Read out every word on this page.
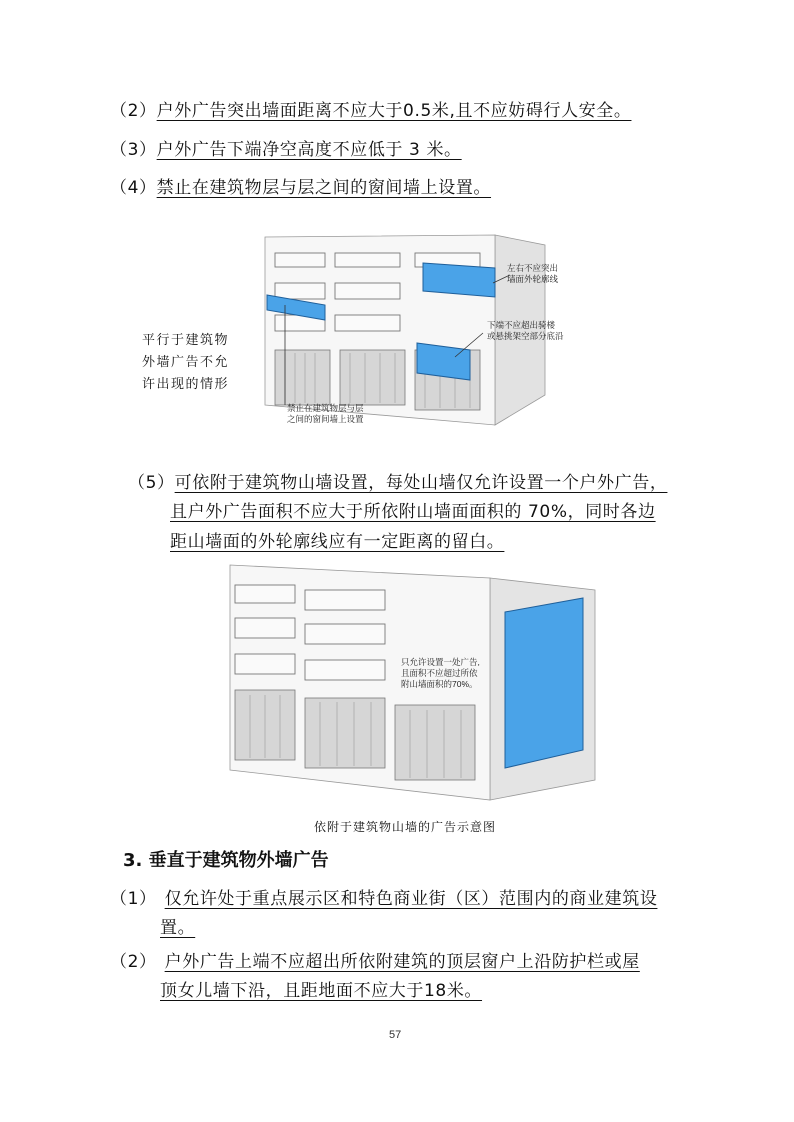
（2）户外广告突出墙面距离不应大于0.5米,且不应妨碍行人安全。
（3）户外广告下端净空高度不应低于 3 米。
（4）禁止在建筑物层与层之间的窗间墙上设置。
平行于建筑物
外墙广告不允
许出现的情形
左右不应突出
墙面外轮廓线
下端不应超出骑楼
或悬挑架空部分底沿
禁止在建筑物层与层
之间的窗间墙上设置
（5）可依附于建筑物山墙设置，每处山墙仅允许设置一个户外广告，
且户外广告面积不应大于所依附山墙面面积的 70%，同时各边
距山墙面的外轮廓线应有一定距离的留白。
只允许设置一处广告,
且面积不应超过所依
附山墙面积的70%。
依附于建筑物山墙的广告示意图
3. 垂直于建筑物外墙广告
（1） 仅允许处于重点展示区和特色商业街（区）范围内的商业建筑设
置。
（2） 户外广告上端不应超出所依附建筑的顶层窗户上沿防护栏或屋
顶女儿墙下沿，且距地面不应大于18米。
57
